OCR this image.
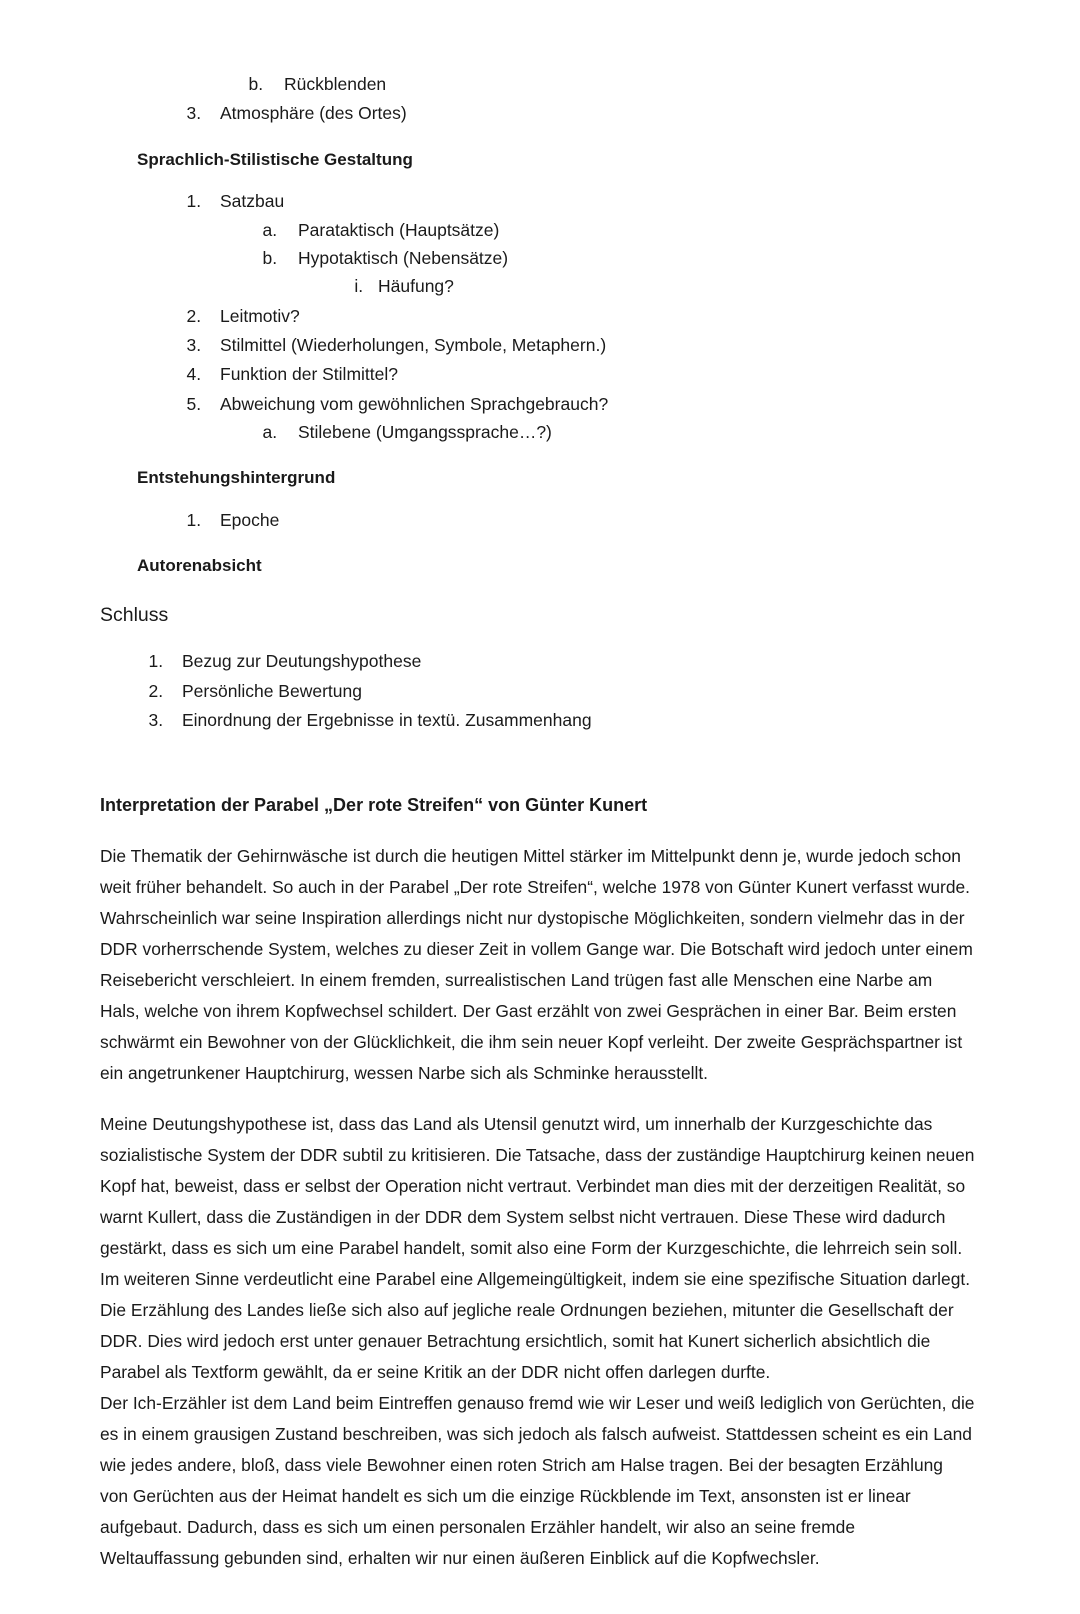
b. Rückblenden
3. Atmosphäre (des Ortes)
Sprachlich-Stilistische Gestaltung
1. Satzbau
a. Parataktisch (Hauptsätze)
b. Hypotaktisch (Nebensätze)
i. Häufung?
2. Leitmotiv?
3. Stilmittel (Wiederholungen, Symbole, Metaphern.)
4. Funktion der Stilmittel?
5. Abweichung vom gewöhnlichen Sprachgebrauch?
a. Stilebene (Umgangssprache…?)
Entstehungshintergrund
1. Epoche
Autorenabsicht
Schluss
1. Bezug zur Deutungshypothese
2. Persönliche Bewertung
3. Einordnung der Ergebnisse in textü. Zusammenhang
Interpretation der Parabel „Der rote Streifen“ von Günter Kunert

Die Thematik der Gehirnwäsche ist durch die heutigen Mittel stärker im Mittelpunkt denn je, wurde jedoch schon weit früher behandelt. So auch in der Parabel „Der rote Streifen“, welche 1978 von Günter Kunert verfasst wurde. Wahrscheinlich war seine Inspiration allerdings nicht nur dystopische Möglichkeiten, sondern vielmehr das in der DDR vorherrschende System, welches zu dieser Zeit in vollem Gange war. Die Botschaft wird jedoch unter einem Reisebericht verschleiert. In einem fremden, surrealistischen Land trügen fast alle Menschen eine Narbe am Hals, welche von ihrem Kopfwechsel schildert. Der Gast erzählt von zwei Gesprächen in einer Bar. Beim ersten schwärmt ein Bewohner von der Glücklichkeit, die ihm sein neuer Kopf verleiht. Der zweite Gesprächspartner ist ein angetrunkener Hauptchirurg, wessen Narbe sich als Schminke herausstellt.

Meine Deutungshypothese ist, dass das Land als Utensil genutzt wird, um innerhalb der Kurzgeschichte das sozialistische System der DDR subtil zu kritisieren. Die Tatsache, dass der zuständige Hauptchirurg keinen neuen Kopf hat, beweist, dass er selbst der Operation nicht vertraut. Verbindet man dies mit der derzeitigen Realität, so warnt Kullert, dass die Zuständigen in der DDR dem System selbst nicht vertrauen. Diese These wird dadurch gestärkt, dass es sich um eine Parabel handelt, somit also eine Form der Kurzgeschichte, die lehrreich sein soll. Im weiteren Sinne verdeutlicht eine Parabel eine Allgemeingültigkeit, indem sie eine spezifische Situation darlegt. Die Erzählung des Landes ließe sich also auf jegliche reale Ordnungen beziehen, mitunter die Gesellschaft der DDR. Dies wird jedoch erst unter genauer Betrachtung ersichtlich, somit hat Kunert sicherlich absichtlich die Parabel als Textform gewählt, da er seine Kritik an der DDR nicht offen darlegen durfte.

Der Ich-Erzähler ist dem Land beim Eintreffen genauso fremd wie wir Leser und weiß lediglich von Gerüchten, die es in einem grausigen Zustand beschreiben, was sich jedoch als falsch aufweist. Stattdessen scheint es ein Land wie jedes andere, bloß, dass viele Bewohner einen roten Strich am Halse tragen. Bei der besagten Erzählung von Gerüchten aus der Heimat handelt es sich um die einzige Rückblende im Text, ansonsten ist er linear aufgebaut. Dadurch, dass es sich um einen personalen Erzähler handelt, wir also an seine fremde Weltauffassung gebunden sind, erhalten wir nur einen äußeren Einblick auf die Kopfwechsler.
